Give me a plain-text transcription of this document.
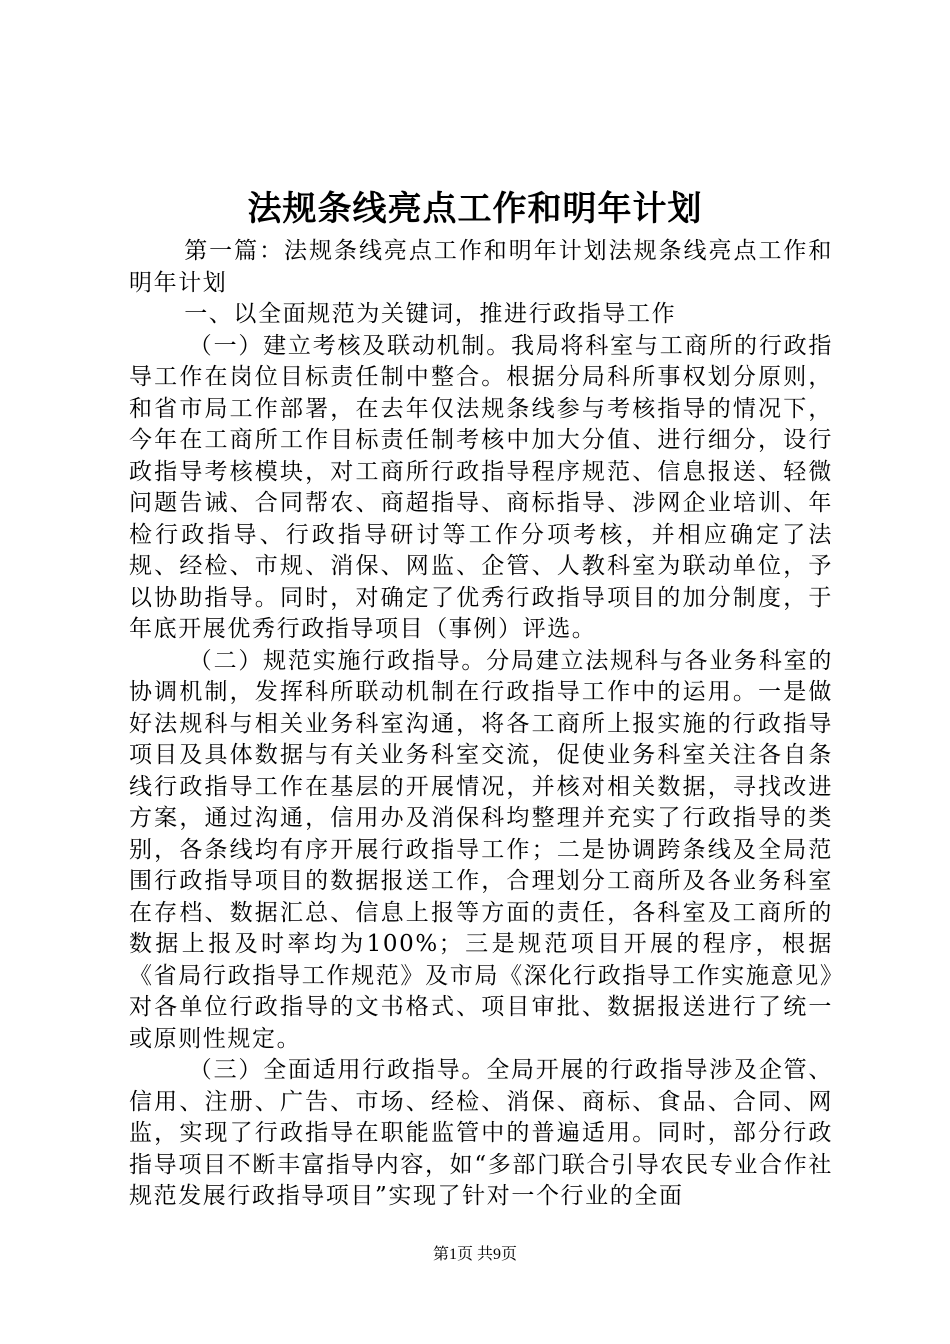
法规条线亮点工作和明年计划

第一篇：法规条线亮点工作和明年计划法规条线亮点工作和明年计划

一、以全面规范为关键词，推进行政指导工作

（一）建立考核及联动机制。我局将科室与工商所的行政指导工作在岗位目标责任制中整合。根据分局科所事权划分原则，和省市局工作部署，在去年仅法规条线参与考核指导的情况下，今年在工商所工作目标责任制考核中加大分值、进行细分，设行政指导考核模块，对工商所行政指导程序规范、信息报送、轻微问题告诫、合同帮农、商超指导、商标指导、涉网企业培训、年检行政指导、行政指导研讨等工作分项考核，并相应确定了法规、经检、市规、消保、网监、企管、人教科室为联动单位，予以协助指导。同时，对确定了优秀行政指导项目的加分制度，于年底开展优秀行政指导项目（事例）评选。

（二）规范实施行政指导。分局建立法规科与各业务科室的协调机制，发挥科所联动机制在行政指导工作中的运用。一是做好法规科与相关业务科室沟通，将各工商所上报实施的行政指导项目及具体数据与有关业务科室交流，促使业务科室关注各自条线行政指导工作在基层的开展情况，并核对相关数据，寻找改进方案，通过沟通，信用办及消保科均整理并充实了行政指导的类别，各条线均有序开展行政指导工作；二是协调跨条线及全局范围行政指导项目的数据报送工作，合理划分工商所及各业务科室在存档、数据汇总、信息上报等方面的责任，各科室及工商所的数据上报及时率均为100%；三是规范项目开展的程序，根据《省局行政指导工作规范》及市局《深化行政指导工作实施意见》对各单位行政指导的文书格式、项目审批、数据报送进行了统一或原则性规定。

（三）全面适用行政指导。全局开展的行政指导涉及企管、信用、注册、广告、市场、经检、消保、商标、食品、合同、网监，实现了行政指导在职能监管中的普遍适用。同时，部分行政指导项目不断丰富指导内容，如“多部门联合引导农民专业合作社规范发展行政指导项目”实现了针对一个行业的全面

第1页 共9页
